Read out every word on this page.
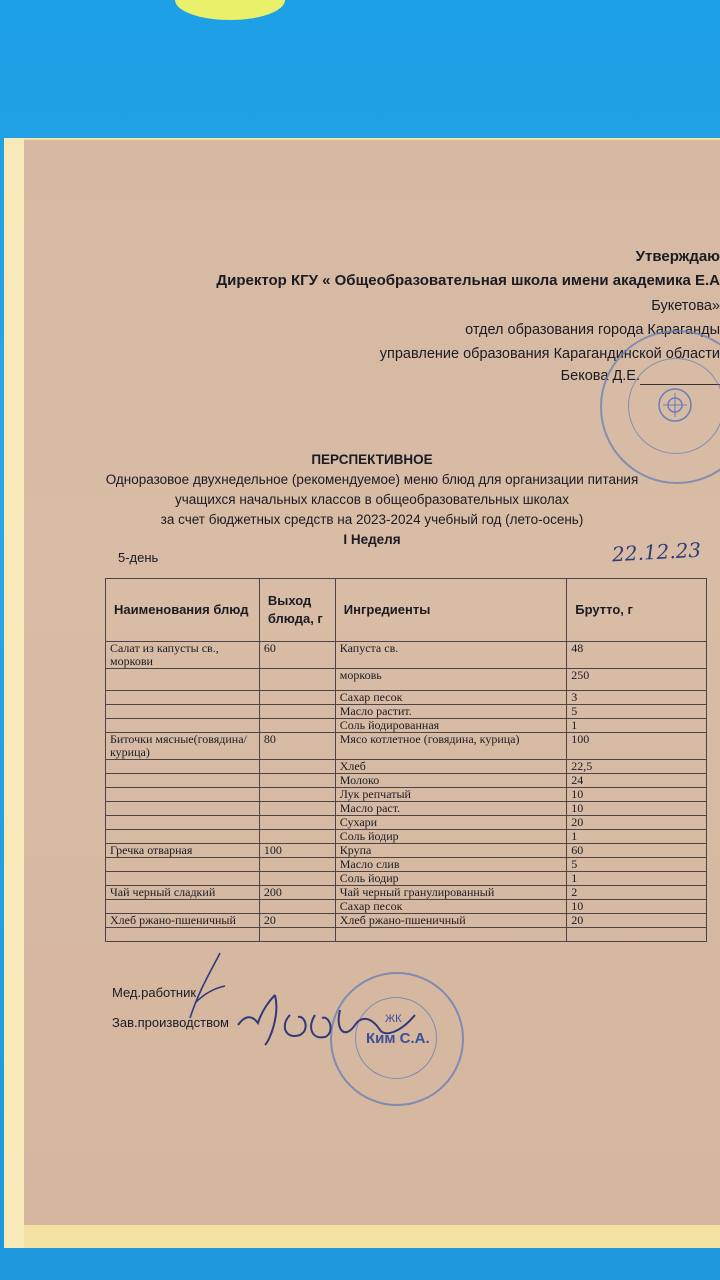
Утверждаю
Директор КГУ « Общеобразовательная школа имени академика Е.А
Букетова»
отдел образования города Караганды
управление образования Карагандинской области
Бекова Д.Е.
ПЕРСПЕКТИВНОЕ
Одноразовое двухнедельное (рекомендуемое) меню блюд для организации питания
учащихся начальных классов в общеобразовательных школах
за счет бюджетных средств на 2023-2024 учебный год (лето-осень)
I Неделя
5-день	22.12.23
Наименования блюд	Выход блюда, г	Ингредиенты	Брутто, г
Салат из капусты св., моркови	60	Капуста св.	48
		морковь	250
		Сахар песок	3
		Масло растит.	5
		Соль йодированная	1
Биточки мясные(говядина/курица)	80	Мясо котлетное (говядина, курица)	100
		Хлеб	22,5
		Молоко	24
		Лук репчатый	10
		Масло раст.	10
		Сухари	20
		Соль йодир	1
Гречка отварная	100	Крупа	60
		Масло слив	5
		Соль йодир	1
Чай черный сладкий	200	Чай черный гранулированный	2
		Сахар песок	10
Хлеб ржано-пшеничный	20	Хлеб ржано-пшеничный	20

Мед.работник
Зав.производством	ЖК
Ким С.А.
